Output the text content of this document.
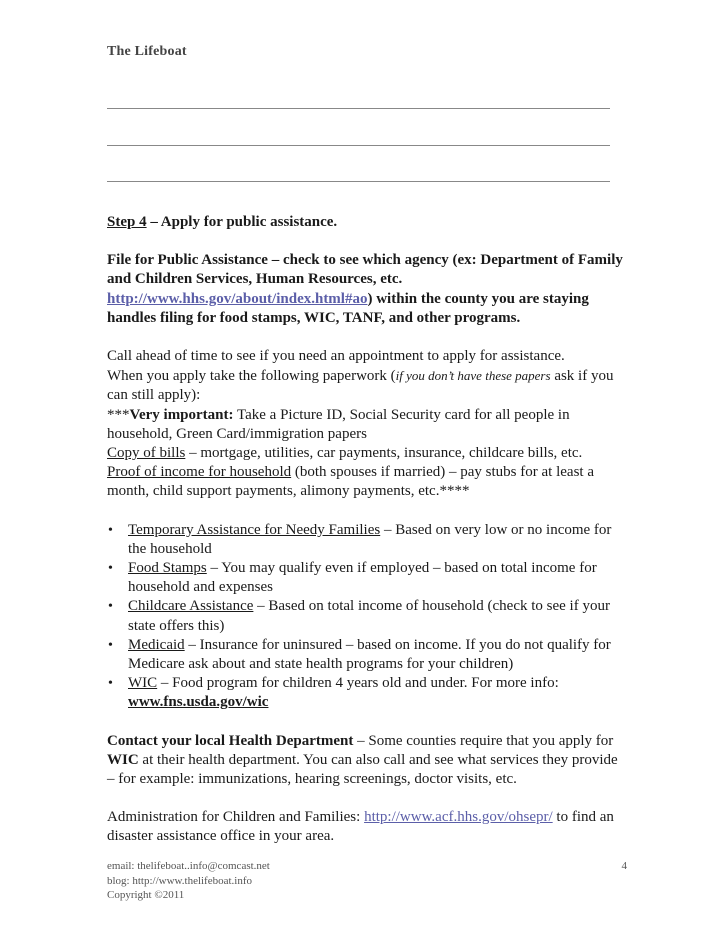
The Lifeboat

Step 4 – Apply for public assistance.

File for Public Assistance – check to see which agency (ex: Department of Family and Children Services, Human Resources, etc.
http://www.hhs.gov/about/index.html#ao) within the county you are staying handles filing for food stamps, WIC, TANF, and other programs.

Call ahead of time to see if you need an appointment to apply for assistance.
When you apply take the following paperwork (if you don’t have these papers ask if you can still apply):
***Very important: Take a Picture ID, Social Security card for all people in household, Green Card/immigration papers
Copy of bills – mortgage, utilities, car payments, insurance, childcare bills, etc.
Proof of income for household (both spouses if married) – pay stubs for at least a month, child support payments, alimony payments, etc.****

• Temporary Assistance for Needy Families – Based on very low or no income for the household
• Food Stamps – You may qualify even if employed – based on total income for household and expenses
• Childcare Assistance – Based on total income of household (check to see if your state offers this)
• Medicaid – Insurance for uninsured – based on income. If you do not qualify for Medicare ask about and state health programs for your children)
• WIC – Food program for children 4 years old and under. For more info:
www.fns.usda.gov/wic

Contact your local Health Department – Some counties require that you apply for WIC at their health department. You can also call and see what services they provide – for example: immunizations, hearing screenings, doctor visits, etc.

Administration for Children and Families: http://www.acf.hhs.gov/ohsepr/ to find an disaster assistance office in your area.

email: thelifeboat..info@comcast.net
blog: http://www.thelifeboat.info
Copyright ©2011
4
